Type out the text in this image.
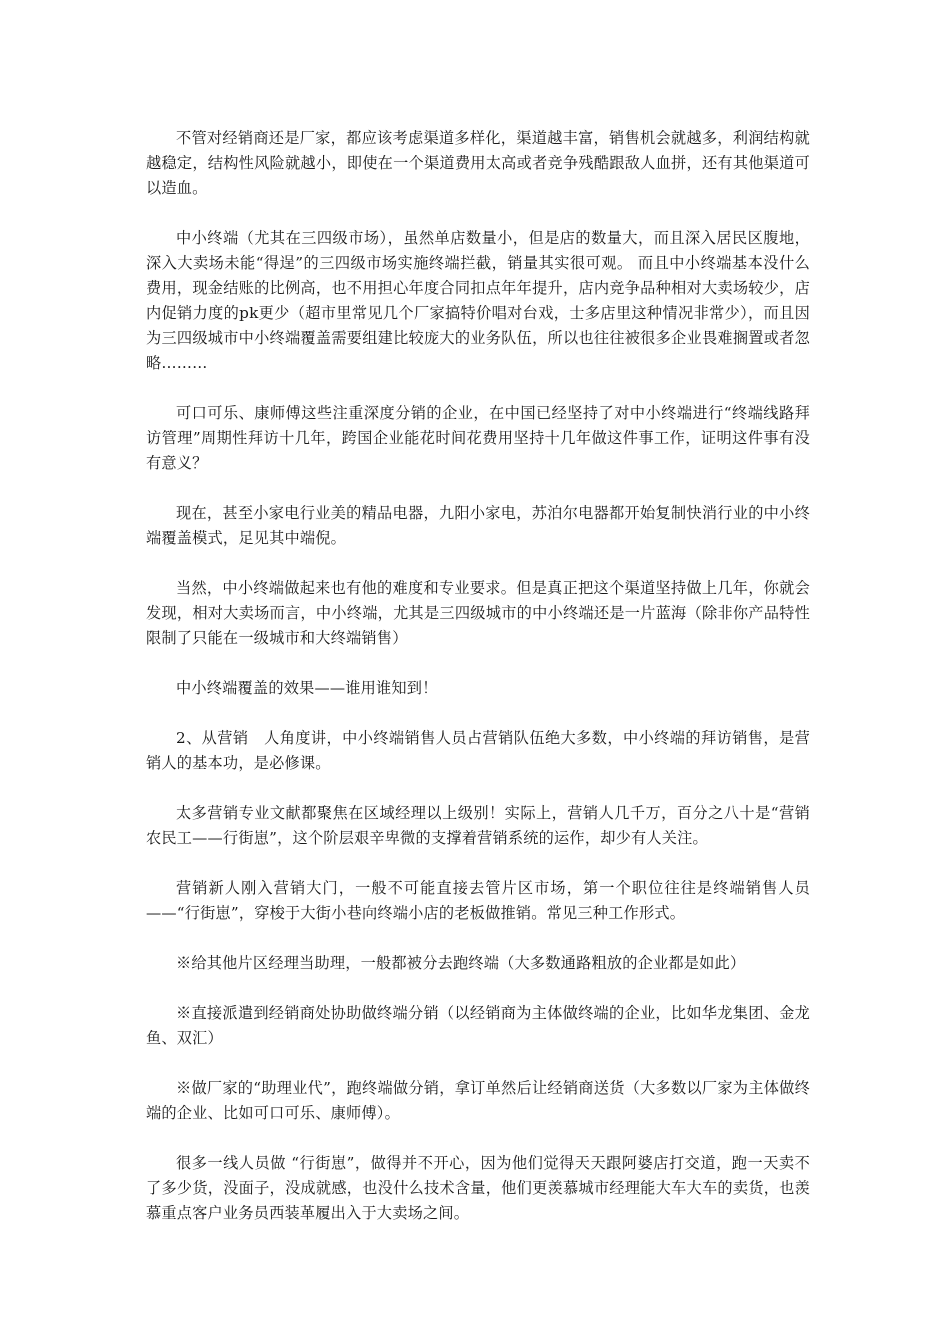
不管对经销商还是厂家，都应该考虑渠道多样化，渠道越丰富，销售机会就越多，利润结构就越稳定，结构性风险就越小，即使在一个渠道费用太高或者竞争残酷跟敌人血拼，还有其他渠道可以造血。

中小终端（尤其在三四级市场），虽然单店数量小，但是店的数量大，而且深入居民区腹地，深入大卖场未能“得逞”的三四级市场实施终端拦截，销量其实很可观。 而且中小终端基本没什么费用，现金结账的比例高，也不用担心年度合同扣点年年提升，店内竞争品种相对大卖场较少，店内促销力度的pk更少（超市里常见几个厂家搞特价唱对台戏，士多店里这种情况非常少），而且因为三四级城市中小终端覆盖需要组建比较庞大的业务队伍，所以也往往被很多企业畏难搁置或者忽略………

可口可乐、康师傅这些注重深度分销的企业，在中国已经坚持了对中小终端进行“终端线路拜访管理”周期性拜访十几年，跨国企业能花时间花费用坚持十几年做这件事工作，证明这件事有没有意义？

现在，甚至小家电行业美的精品电器，九阳小家电，苏泊尔电器都开始复制快消行业的中小终端覆盖模式，足见其中端倪。

当然，中小终端做起来也有他的难度和专业要求。但是真正把这个渠道坚持做上几年，你就会发现，相对大卖场而言，中小终端，尤其是三四级城市的中小终端还是一片蓝海（除非你产品特性限制了只能在一级城市和大终端销售）

中小终端覆盖的效果——谁用谁知到！

2、从营销　人角度讲，中小终端销售人员占营销队伍绝大多数，中小终端的拜访销售，是营销人的基本功，是必修课。

太多营销专业文献都聚焦在区域经理以上级别！实际上，营销人几千万，百分之八十是“营销农民工——行街崽”，这个阶层艰辛卑微的支撑着营销系统的运作，却少有人关注。

营销新人刚入营销大门，一般不可能直接去管片区市场，第一个职位往往是终端销售人员——“行街崽”，穿梭于大街小巷向终端小店的老板做推销。常见三种工作形式。

※给其他片区经理当助理，一般都被分去跑终端（大多数通路粗放的企业都是如此）

※直接派遣到经销商处协助做终端分销（以经销商为主体做终端的企业，比如华龙集团、金龙鱼、双汇）

※做厂家的“助理业代”，跑终端做分销，拿订单然后让经销商送货（大多数以厂家为主体做终端的企业、比如可口可乐、康师傅）。

很多一线人员做 “行街崽”，做得并不开心，因为他们觉得天天跟阿婆店打交道，跑一天卖不了多少货，没面子，没成就感，也没什么技术含量，他们更羡慕城市经理能大车大车的卖货，也羡慕重点客户业务员西装革履出入于大卖场之间。
